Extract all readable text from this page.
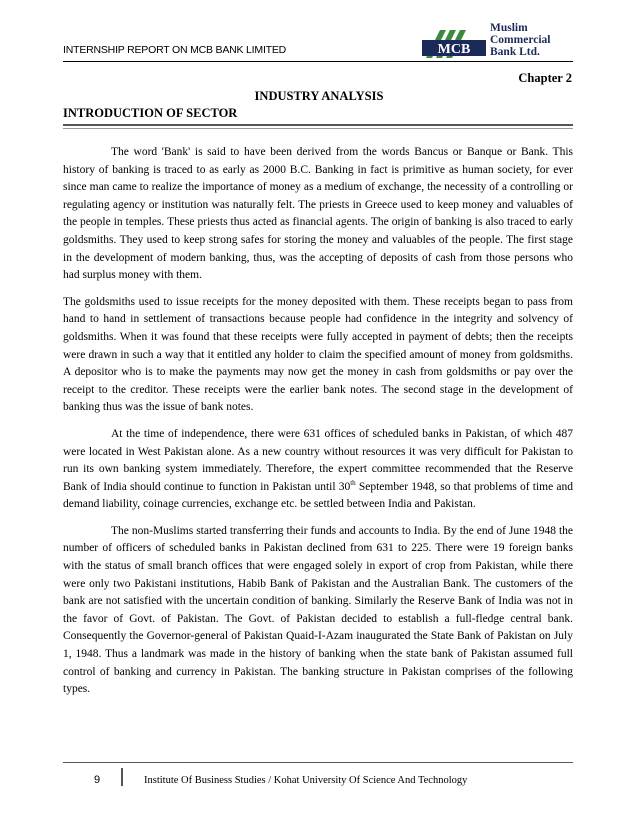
INTERNSHIP REPORT ON MCB BANK LIMITED	MCB
Muslim
Commercial
Bank Ltd.
Chapter 2
INDUSTRY ANALYSIS
INTRODUCTION OF SECTOR

The word 'Bank' is said to have been derived from the words Bancus or Banque or Bank. This history of banking is traced to as early as 2000 B.C. Banking in fact is primitive as human society, for ever since man came to realize the importance of money as a medium of exchange, the necessity of a controlling or regulating agency or institution was naturally felt. The priests in Greece used to keep money and valuables of the people in temples. These priests thus acted as financial agents. The origin of banking is also traced to early goldsmiths. They used to keep strong safes for storing the money and valuables of the people. The first stage in the development of modern banking, thus, was the accepting of deposits of cash from those persons who had surplus money with them.

The goldsmiths used to issue receipts for the money deposited with them. These receipts began to pass from hand to hand in settlement of transactions because people had confidence in the integrity and solvency of goldsmiths. When it was found that these receipts were fully accepted in payment of debts; then the receipts were drawn in such a way that it entitled any holder to claim the specified amount of money from goldsmiths. A depositor who is to make the payments may now get the money in cash from goldsmiths or pay over the receipt to the creditor. These receipts were the earlier bank notes. The second stage in the development of banking thus was the issue of bank notes.

At the time of independence, there were 631 offices of scheduled banks in Pakistan, of which 487 were located in West Pakistan alone. As a new country without resources it was very difficult for Pakistan to run its own banking system immediately. Therefore, the expert committee recommended that the Reserve Bank of India should continue to function in Pakistan until 30th September 1948, so that problems of time and demand liability, coinage currencies, exchange etc. be settled between India and Pakistan.

The non-Muslims started transferring their funds and accounts to India. By the end of June 1948 the number of officers of scheduled banks in Pakistan declined from 631 to 225. There were 19 foreign banks with the status of small branch offices that were engaged solely in export of crop from Pakistan, while there were only two Pakistani institutions, Habib Bank of Pakistan and the Australian Bank. The customers of the bank are not satisfied with the uncertain condition of banking. Similarly the Reserve Bank of India was not in the favor of Govt. of Pakistan. The Govt. of Pakistan decided to establish a full-fledge central bank. Consequently the Governor-general of Pakistan Quaid-I-Azam inaugurated the State Bank of Pakistan on July 1, 1948. Thus a landmark was made in the history of banking when the state bank of Pakistan assumed full control of banking and currency in Pakistan. The banking structure in Pakistan comprises of the following types.

9	Institute Of Business Studies / Kohat University Of Science And Technology
